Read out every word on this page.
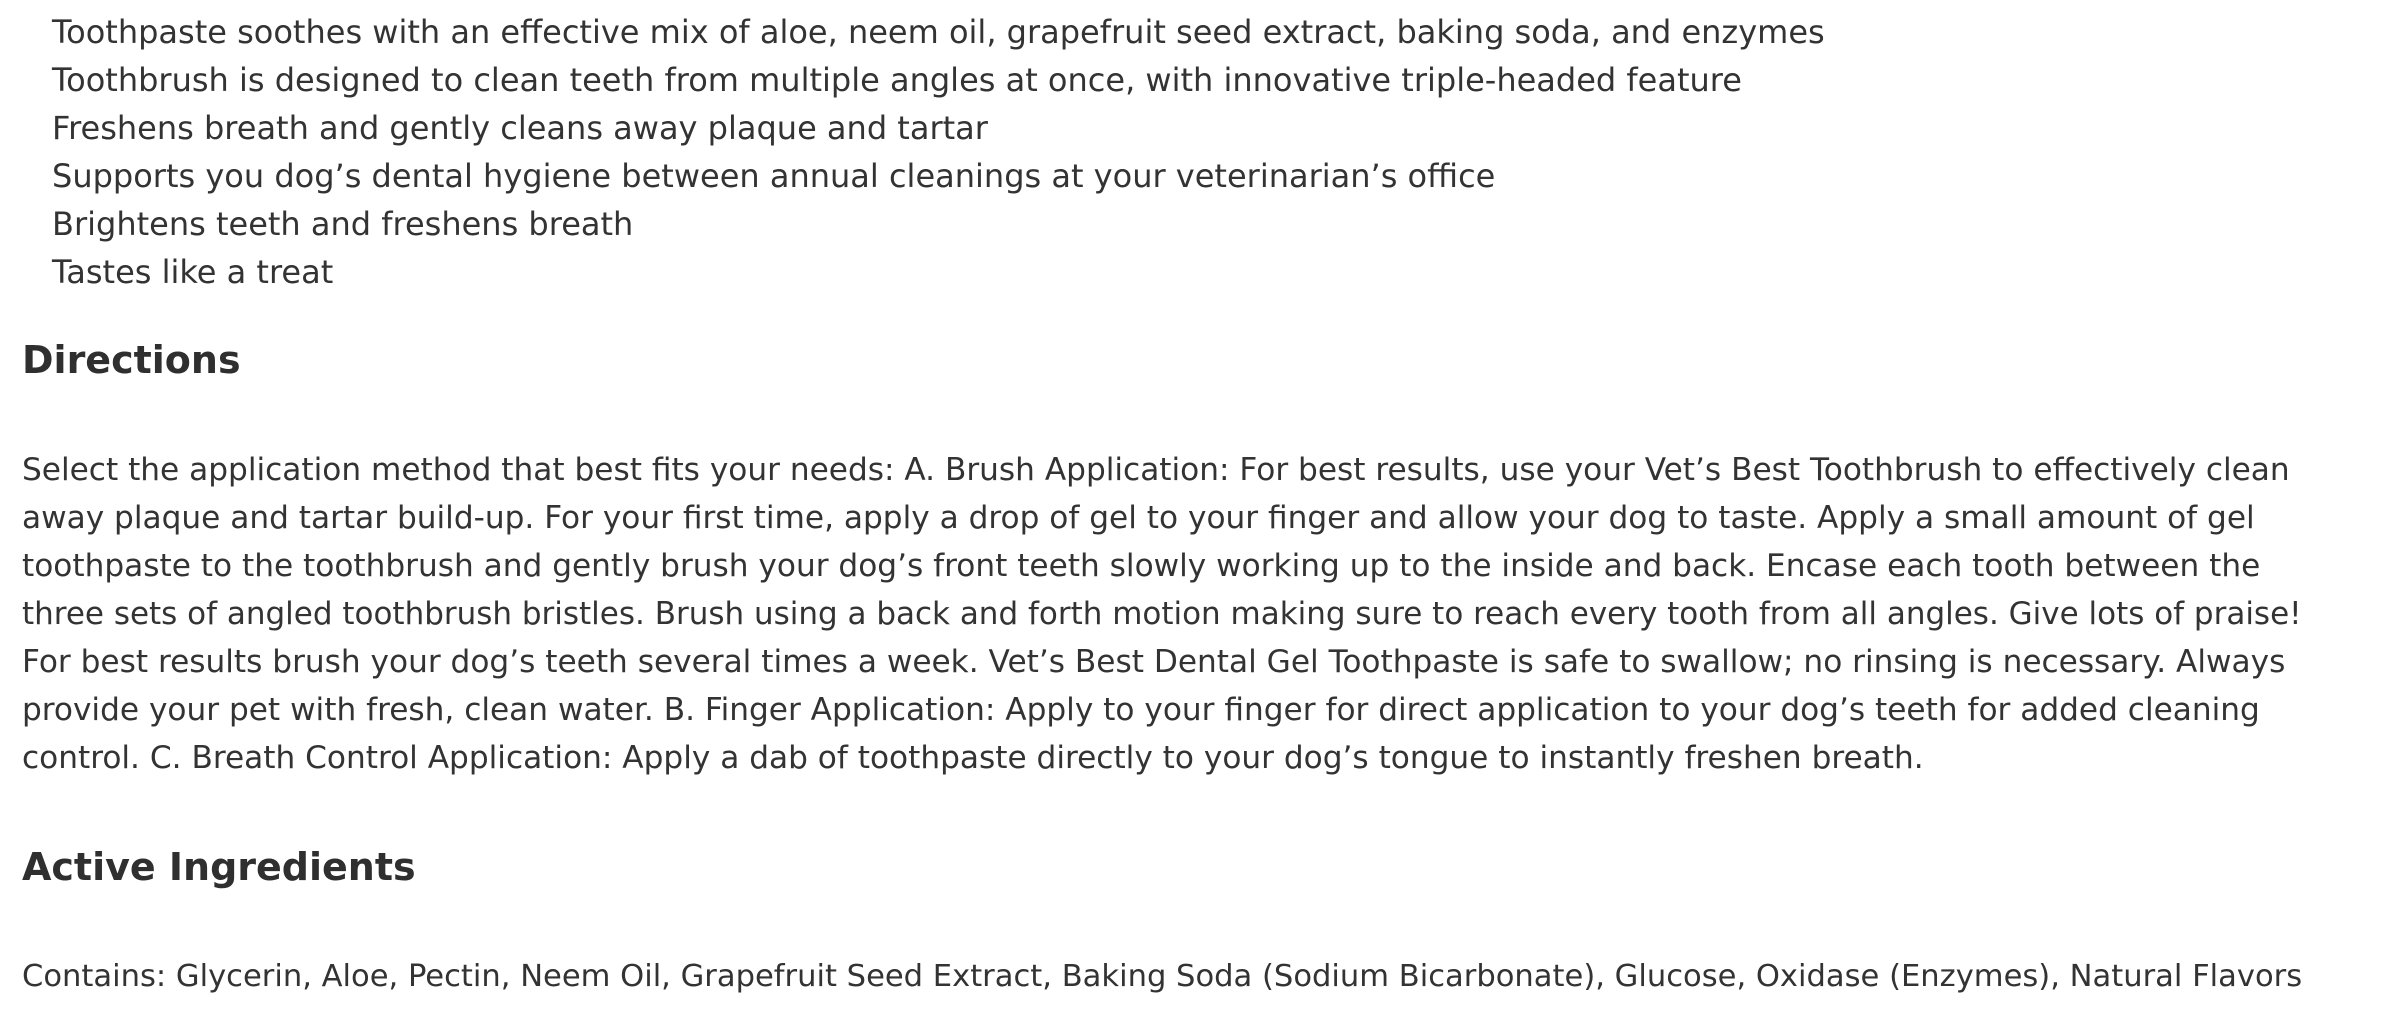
Toothpaste soothes with an effective mix of aloe, neem oil, grapefruit seed extract, baking soda, and enzymes
Toothbrush is designed to clean teeth from multiple angles at once, with innovative triple-headed feature
Freshens breath and gently cleans away plaque and tartar
Supports you dog’s dental hygiene between annual cleanings at your veterinarian’s office
Brightens teeth and freshens breath
Tastes like a treat
Directions

Select the application method that best fits your needs: A. Brush Application: For best results, use your Vet’s Best Toothbrush to effectively clean
away plaque and tartar build-up. For your first time, apply a drop of gel to your finger and allow your dog to taste. Apply a small amount of gel
toothpaste to the toothbrush and gently brush your dog’s front teeth slowly working up to the inside and back. Encase each tooth between the
three sets of angled toothbrush bristles. Brush using a back and forth motion making sure to reach every tooth from all angles. Give lots of praise!
For best results brush your dog’s teeth several times a week. Vet’s Best Dental Gel Toothpaste is safe to swallow; no rinsing is necessary. Always
provide your pet with fresh, clean water. B. Finger Application: Apply to your finger for direct application to your dog’s teeth for added cleaning
control. C. Breath Control Application: Apply a dab of toothpaste directly to your dog’s tongue to instantly freshen breath.

Active Ingredients

Contains: Glycerin, Aloe, Pectin, Neem Oil, Grapefruit Seed Extract, Baking Soda (Sodium Bicarbonate), Glucose, Oxidase (Enzymes), Natural Flavors
